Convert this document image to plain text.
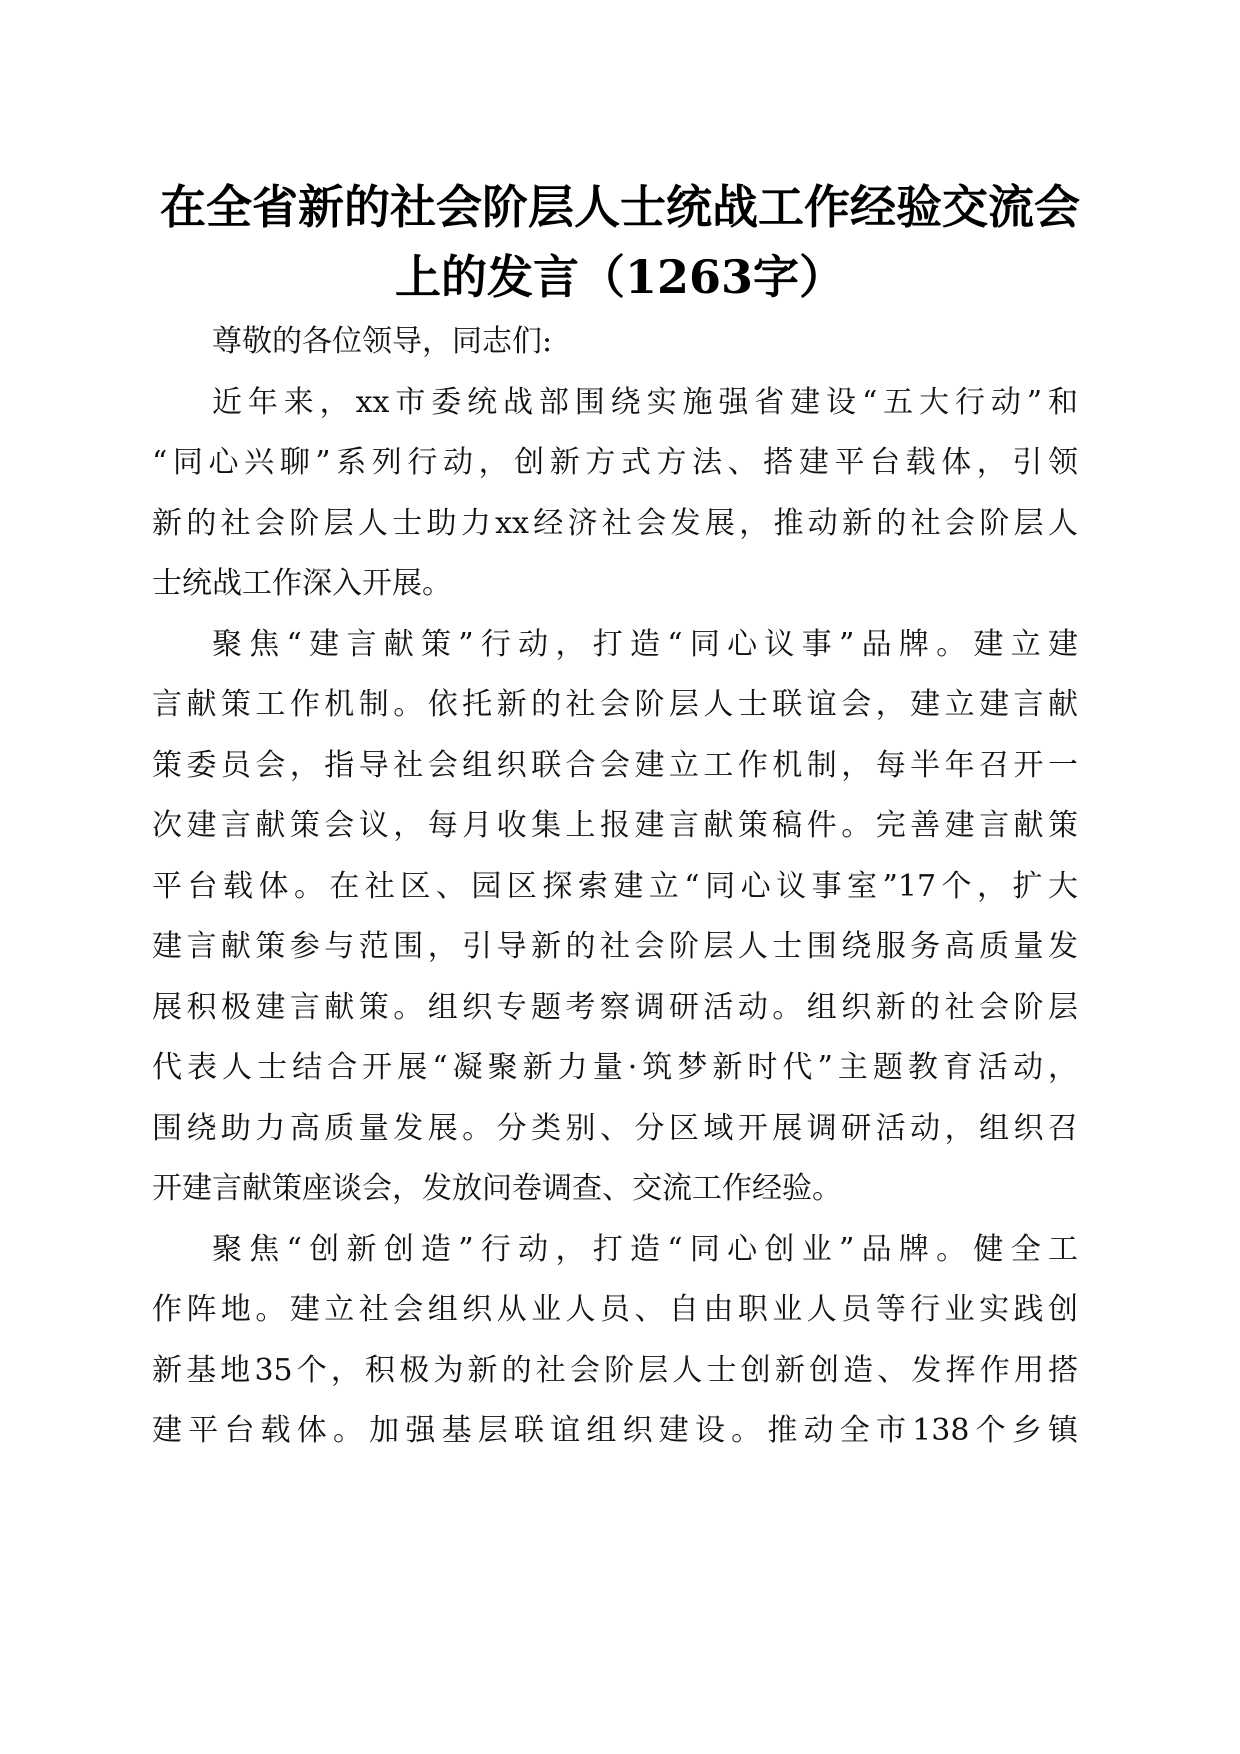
在全省新的社会阶层人士统战工作经验交流会
上的发言（1263字）
尊敬的各位领导，同志们:
近年来，xx市委统战部围绕实施强省建设“五大行动”和
“同心兴聊”系列行动，创新方式方法、搭建平台载体，引领
新的社会阶层人士助力xx经济社会发展，推动新的社会阶层人
士统战工作深入开展。
聚焦“建言献策”行动，打造“同心议事”品牌。建立建
言献策工作机制。依托新的社会阶层人士联谊会，建立建言献
策委员会，指导社会组织联合会建立工作机制，每半年召开一
次建言献策会议，每月收集上报建言献策稿件。完善建言献策
平台载体。在社区、园区探索建立“同心议事室”17个，扩大
建言献策参与范围，引导新的社会阶层人士围绕服务高质量发
展积极建言献策。组织专题考察调研活动。组织新的社会阶层
代表人士结合开展“凝聚新力量·筑梦新时代”主题教育活动，
围绕助力高质量发展。分类别、分区域开展调研活动，组织召
开建言献策座谈会，发放问卷调查、交流工作经验。
聚焦“创新创造”行动，打造“同心创业”品牌。健全工
作阵地。建立社会组织从业人员、自由职业人员等行业实践创
新基地35个，积极为新的社会阶层人士创新创造、发挥作用搭
建平台载体。加强基层联谊组织建设。推动全市138个乡镇
